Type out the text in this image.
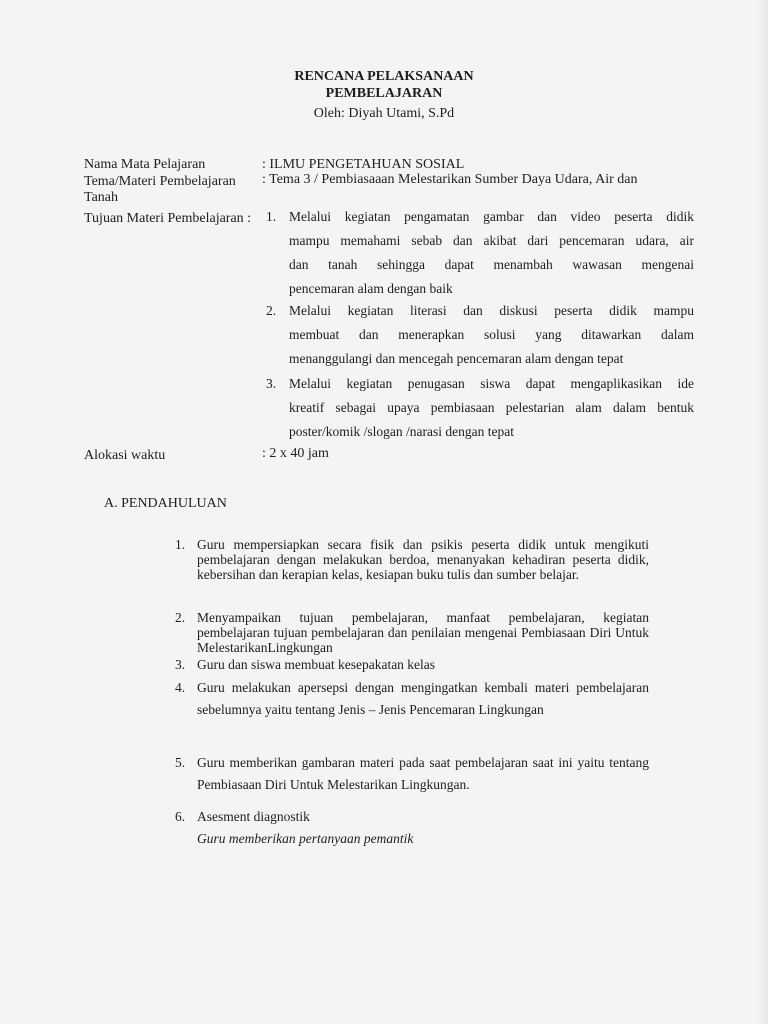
RENCANA PELAKSANAAN
PEMBELAJARAN
Oleh: Diyah Utami, S.Pd
Nama Mata Pelajaran	: ILMU PENGETAHUAN SOSIAL
Tema/Materi Pembelajaran : Tema 3 / Pembiasaaan Melestarikan Sumber Daya Udara, Air dan
Tanah
Tujuan Materi Pembelajaran : 1. Melalui kegiatan pengamatan gambar dan video peserta didik
mampu memahami sebab dan akibat dari pencemaran udara, air
dan tanah sehingga dapat menambah wawasan mengenai
pencemaran alam dengan baik
2. Melalui kegiatan literasi dan diskusi peserta didik mampu
membuat dan menerapkan solusi yang ditawarkan dalam
menanggulangi dan mencegah pencemaran alam dengan tepat
3. Melalui kegiatan penugasan siswa dapat mengaplikasikan ide
kreatif sebagai upaya pembiasaan pelestarian alam dalam bentuk
poster/komik /slogan /narasi dengan tepat
Alokasi waktu	: 2 x 40 jam
A. PENDAHULUAN
1. Guru mempersiapkan secara fisik dan psikis peserta didik untuk mengikuti pembelajaran dengan melakukan berdoa, menanyakan kehadiran peserta didik, kebersihan dan kerapian kelas, kesiapan buku tulis dan sumber belajar.
2. Menyampaikan tujuan pembelajaran, manfaat pembelajaran, kegiatan pembelajaran tujuan pembelajaran dan penilaian mengenai Pembiasaan Diri Untuk MelestarikanLingkungan
3. Guru dan siswa membuat kesepakatan kelas
4. Guru melakukan apersepsi dengan mengingatkan kembali materi pembelajaran sebelumnya yaitu tentang Jenis – Jenis Pencemaran Lingkungan
5. Guru memberikan gambaran materi pada saat pembelajaran saat ini yaitu tentang Pembiasaan Diri Untuk Melestarikan Lingkungan.
6. Asesment diagnostik
Guru memberikan pertanyaan pemantik
